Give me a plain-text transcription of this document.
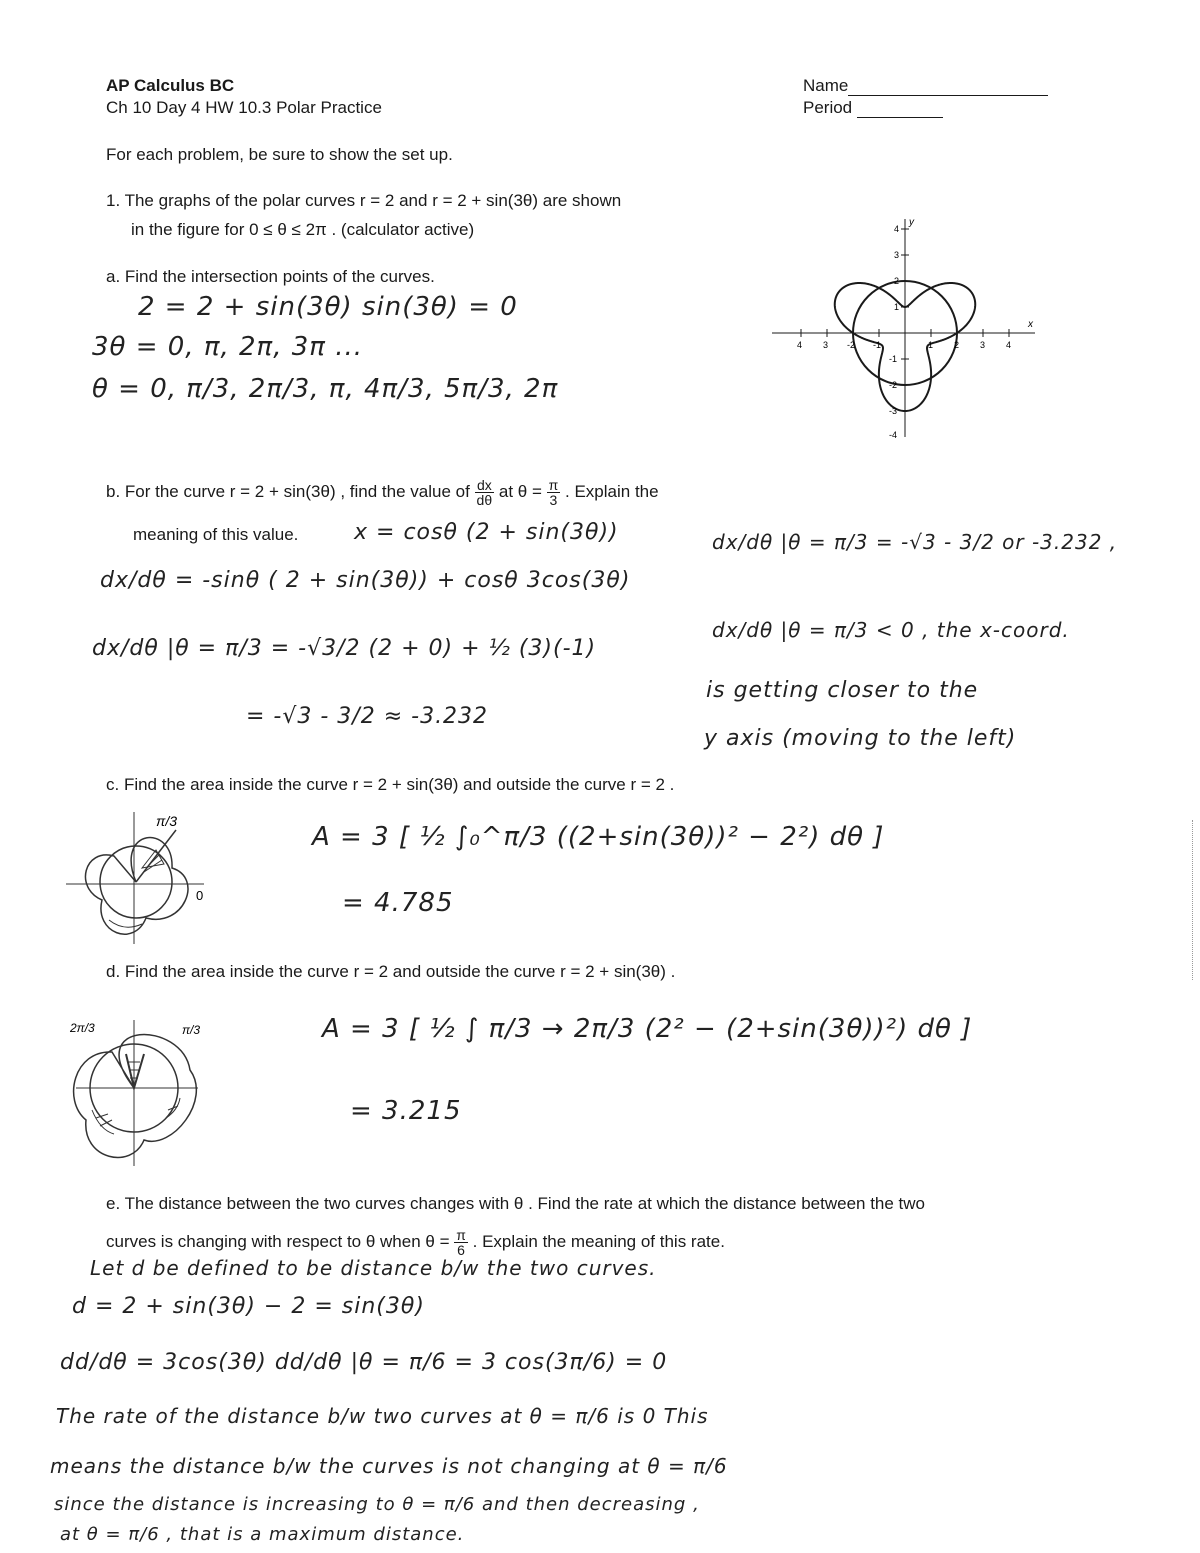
AP Calculus BC
Ch 10 Day 4 HW 10.3 Polar Practice
Name
Period
For each problem, be sure to show the set up.
1. The graphs of the polar curves r = 2 and r = 2 + sin(3θ) are shown
in the figure for 0 ≤ θ ≤ 2π . (calculator active)
4 3 -2 -1	1 2 3 4
x
4
3
2
1
-1
-2
-3
-4
y
a. Find the intersection points of the curves.
2 = 2 + sin(3θ) sin(3θ) = 0
3θ = 0, π, 2π, 3π ...
θ = 0, π/3, 2π/3, π, 4π/3, 5π/3, 2π
b. For the curve r = 2 + sin(3θ) , find the value of $\frac{dx}{d\theta}$ at $\theta = \frac{\pi}{3}$ . Explain the
meaning of this value.	x = cosθ (2 + sin(3θ))
dx/dθ = -sinθ ( 2 + sin(3θ)) + cosθ 3cos(3θ)
dx/dθ |θ = π/3 = -√3/2 (2 + 0) + ½ (3)(-1)
= -√3 - 3/2 ≈ -3.232
dx/dθ |θ = π/3 = -√3 - 3/2 or -3.232 ,
dx/dθ |θ = π/3 < 0 , the x-coord.
is getting closer to the
y axis (moving to the left)
c. Find the area inside the curve r = 2 + sin(3θ) and outside the curve r = 2 .
π/3
0
A = 3 [ ½ ∫₀^π/3 ((2+sin(3θ))² − 2²) dθ ]
= 4.785
d. Find the area inside the curve r = 2 and outside the curve r = 2 + sin(3θ) .
2π/3	π/3	A = 3 [ ½ ∫ π/3 → 2π/3 (2² − (2+sin(3θ))²) dθ ]
= 3.215
e. The distance between the two curves changes with θ . Find the rate at which the distance between the two
curves is changing with respect to θ when $\theta = \frac{\pi}{6}$ . Explain the meaning of this rate.
Let d be defined to be distance b/w the two curves.
d = 2 + sin(3θ) − 2 = sin(3θ)
dd/dθ = 3cos(3θ) dd/dθ |θ = π/6 = 3 cos(3π/6) = 0
The rate of the distance b/w two curves at θ = π/6 is 0 This
means the distance b/w the curves is not changing at θ = π/6
since the distance is increasing to θ = π/6 and then decreasing ,
at θ = π/6 , that is a maximum distance.
